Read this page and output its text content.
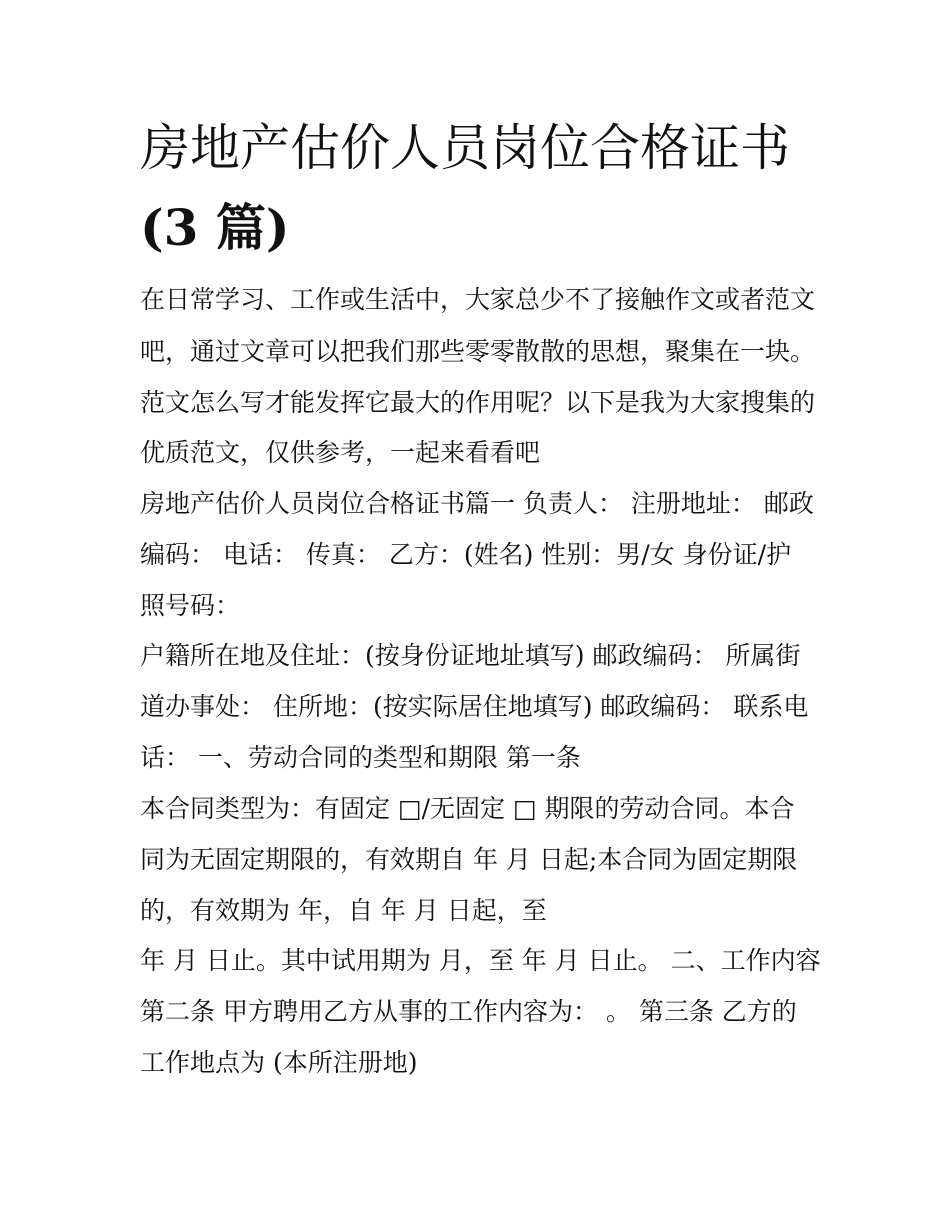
房地产估价人员岗位合格证书
(3 篇)
在日常学习、工作或生活中，大家总少不了接触作文或者范文
吧，通过文章可以把我们那些零零散散的思想，聚集在一块。
范文怎么写才能发挥它最大的作用呢？以下是我为大家搜集的
优质范文，仅供参考，一起来看看吧
房地产估价人员岗位合格证书篇一 负责人： 注册地址： 邮政
编码： 电话： 传真： 乙方：(姓名) 性别：男/女 身份证/护
照号码：
户籍所在地及住址：(按身份证地址填写) 邮政编码： 所属街
道办事处： 住所地：(按实际居住地填写) 邮政编码： 联系电
话： 一、劳动合同的类型和期限 第一条
本合同类型为：有固定 □/无固定 □ 期限的劳动合同。本合
同为无固定期限的，有效期自 年 月 日起;本合同为固定期限
的，有效期为 年，自 年 月 日起，至
年 月 日止。其中试用期为 月，至 年 月 日止。 二、工作内容
第二条 甲方聘用乙方从事的工作内容为： 。 第三条 乙方的
工作地点为 (本所注册地)
